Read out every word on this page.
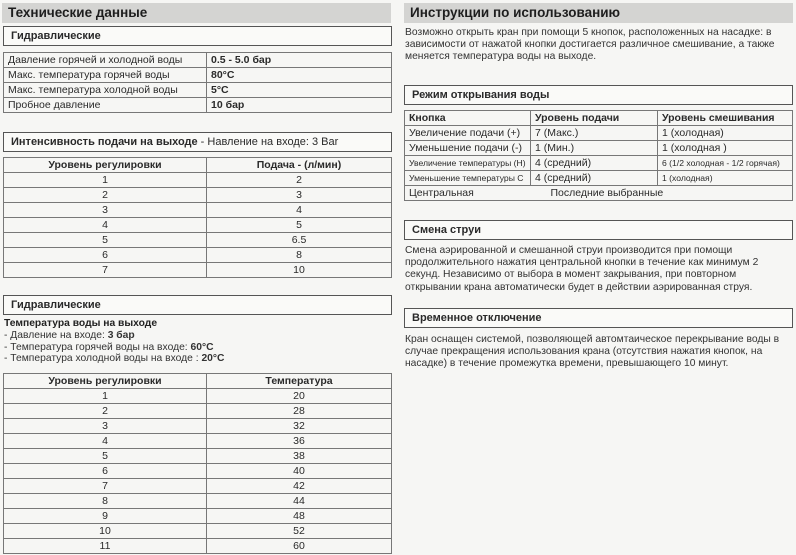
Технические данные
Гидравлические
Давление горячей и холодной воды	0.5 - 5.0 бар
Макс. температура горячей воды	80°C
Макс. температура холодной воды	5°C
Пробное давление	10 бар
Интенсивность подачи на выходе - Навление на входе: 3 Bar
Уровень регулировки	Подача - (л/мин)
1	2
2	3
3	4
4	5
5	6.5
6	8
7	10
Гидравлические
Температура воды на выходе
- Давление на входе: 3 бар
- Температура горячей воды на входе: 60°C
- Температура холодной воды на входе : 20°C
Уровень регулировки	Температура
1	20
2	28
3	32
4	36
5	38
6	40
7	42
8	44
9	48
10	52
11	60
Инструкции по использованию
Возможно открыть кран при помощи 5 кнопок, расположенных на насадке: в
зависимости от нажатой кнопки достигается различное смешивание, а также
меняется температура воды на выходе.
Режим открывания воды
Кнопка	Уровень подачи	Уровень смешивания
Увеличение подачи (+)	7 (Макс.)	1 (холодная)
Уменьшение подачи (-)	1 (Мин.)	1 (холодная )
Увеличение температуры (H)	4 (средний)	6 (1/2 холодная - 1/2 горячая)
Уменьшение температуры C	4 (средний)	1 (холодная)
Центральная	Последние выбранные	
Смена струи
Смена аэрированной и смешанной струи производится при помощи
продолжительного нажатия центральной кнопки в течение как минимум 2
секунд. Независимо от выбора в момент закрывания, при повторном
открывании крана автоматически будет в действии аэрированная струя.
Временное отключение
Кран оснащен системой, позволяющей автомтаическое перекрывание воды в
случае прекращения использования крана (отсутствия нажатия кнопок, на
насадке) в течение промежутка времени, превышающего 10 минут.
